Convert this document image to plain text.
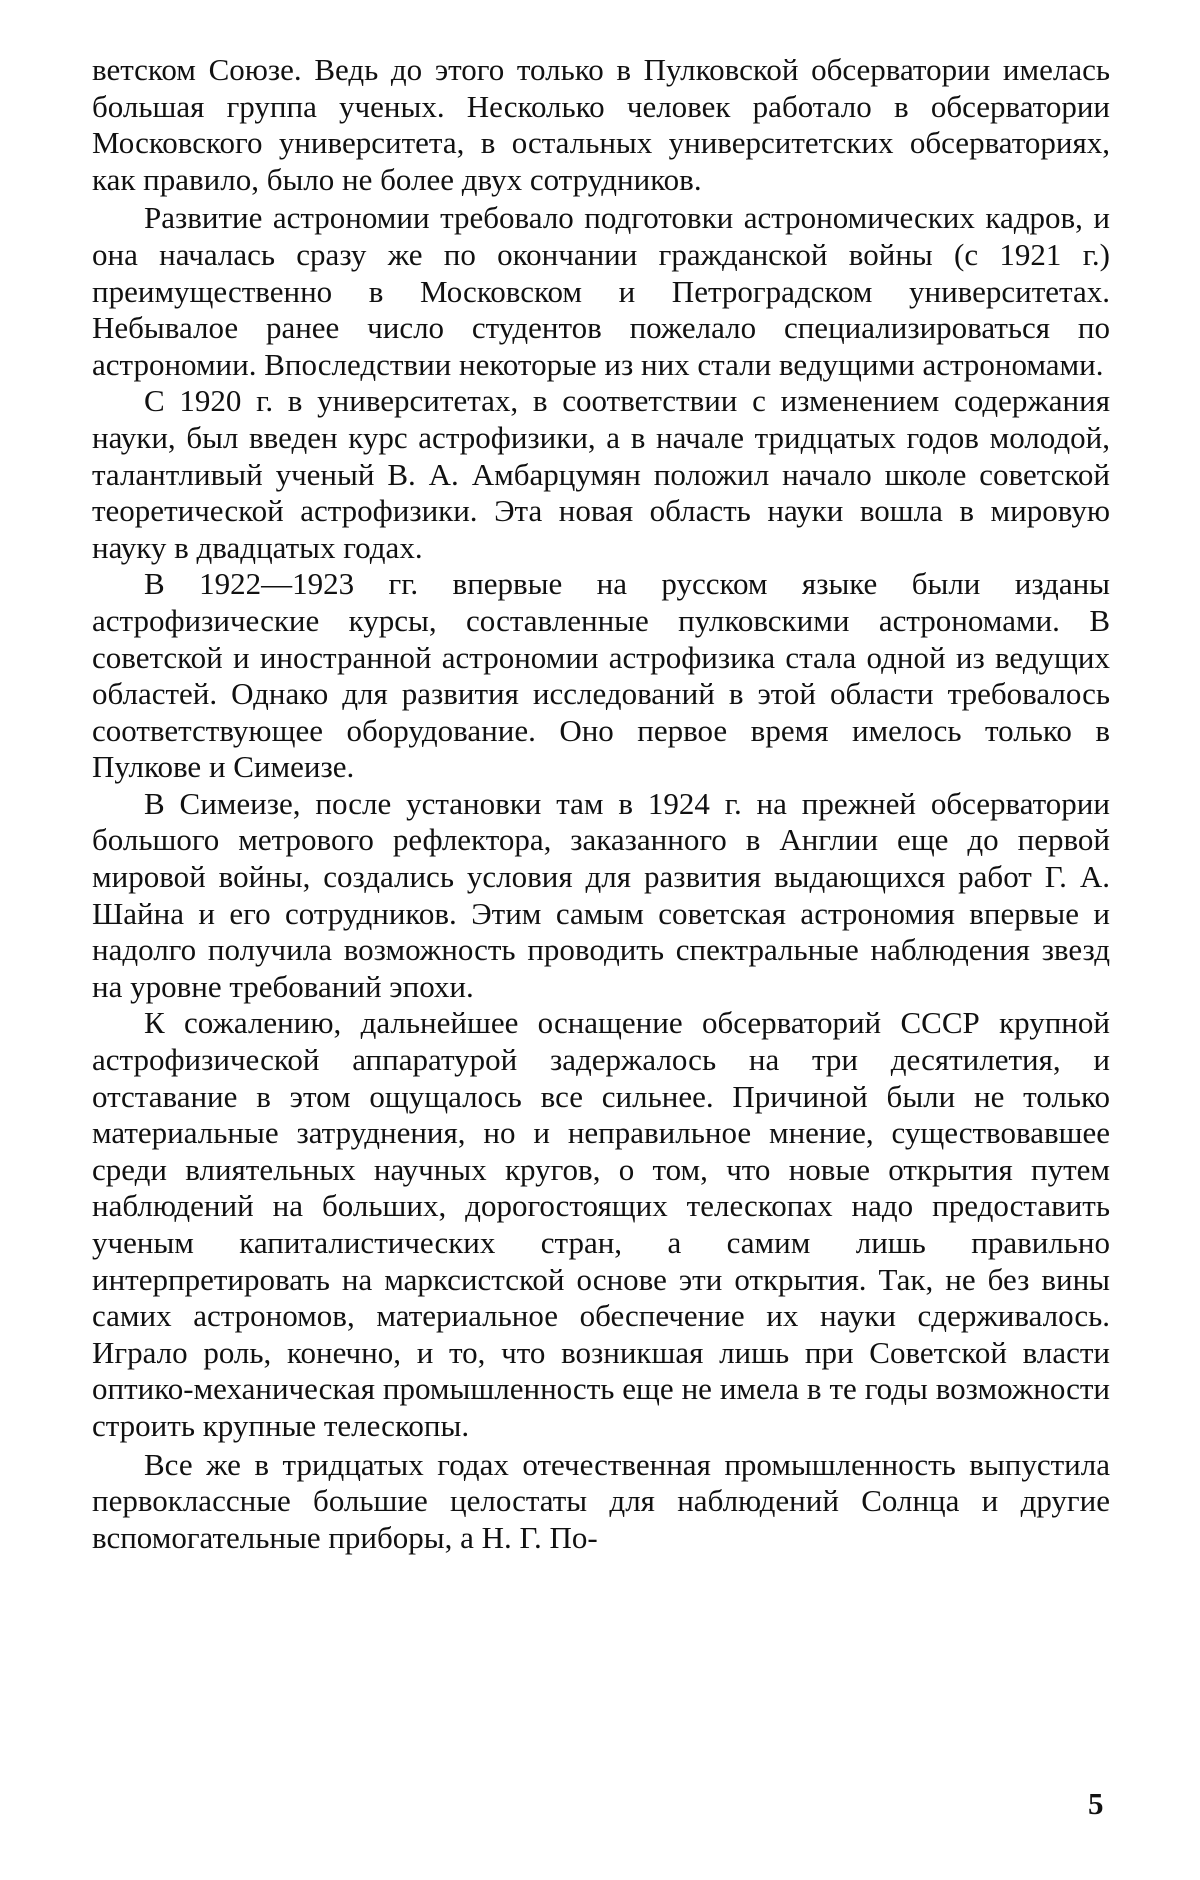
ветском Союзе. Ведь до этого только в Пулковской обсерватории имелась большая группа ученых. Несколько человек работало в обсерватории Московского университета, в остальных университетских обсерваториях, как правило, было не более двух сотрудников.

Развитие астрономии требовало подготовки астрономических кадров, и она началась сразу же по окончании гражданской войны (с 1921 г.) преимущественно в Московском и Петроградском университетах. Небывалое ранее число студентов пожелало специализироваться по астрономии. Впоследствии некоторые из них стали ведущими астрономами.

С 1920 г. в университетах, в соответствии с изменением содержания науки, был введен курс астрофизики, а в начале тридцатых годов молодой, талантливый ученый В. А. Амбарцумян положил начало школе советской теоретической астрофизики. Эта новая область науки вошла в мировую науку в двадцатых годах.

В 1922—1923 гг. впервые на русском языке были изданы астрофизические курсы, составленные пулковскими астрономами. В советской и иностранной астрономии астрофизика стала одной из ведущих областей. Однако для развития исследований в этой области требовалось соответствующее оборудование. Оно первое время имелось только в Пулкове и Симеизе.

В Симеизе, после установки там в 1924 г. на прежней обсерватории большого метрового рефлектора, заказанного в Англии еще до первой мировой войны, создались условия для развития выдающихся работ Г. А. Шайна и его сотрудников. Этим самым советская астрономия впервые и надолго получила возможность проводить спектральные наблюдения звезд на уровне требований эпохи.

К сожалению, дальнейшее оснащение обсерваторий СССР крупной астрофизической аппаратурой задержалось на три десятилетия, и отставание в этом ощущалось все сильнее. Причиной были не только материальные затруднения, но и неправильное мнение, существовавшее среди влиятельных научных кругов, о том, что новые открытия путем наблюдений на больших, дорогостоящих телескопах надо предоставить ученым капиталистических стран, а самим лишь правильно интерпретировать на марксистской основе эти открытия. Так, не без вины самих астрономов, материальное обеспечение их науки сдерживалось. Играло роль, конечно, и то, что возникшая лишь при Советской власти оптико-механическая промышленность еще не имела в те годы возможности строить крупные телескопы.

Все же в тридцатых годах отечественная промышленность выпустила первоклассные большие целостаты для наблюдений Солнца и другие вспомогательные приборы, а Н. Г. По-

5
